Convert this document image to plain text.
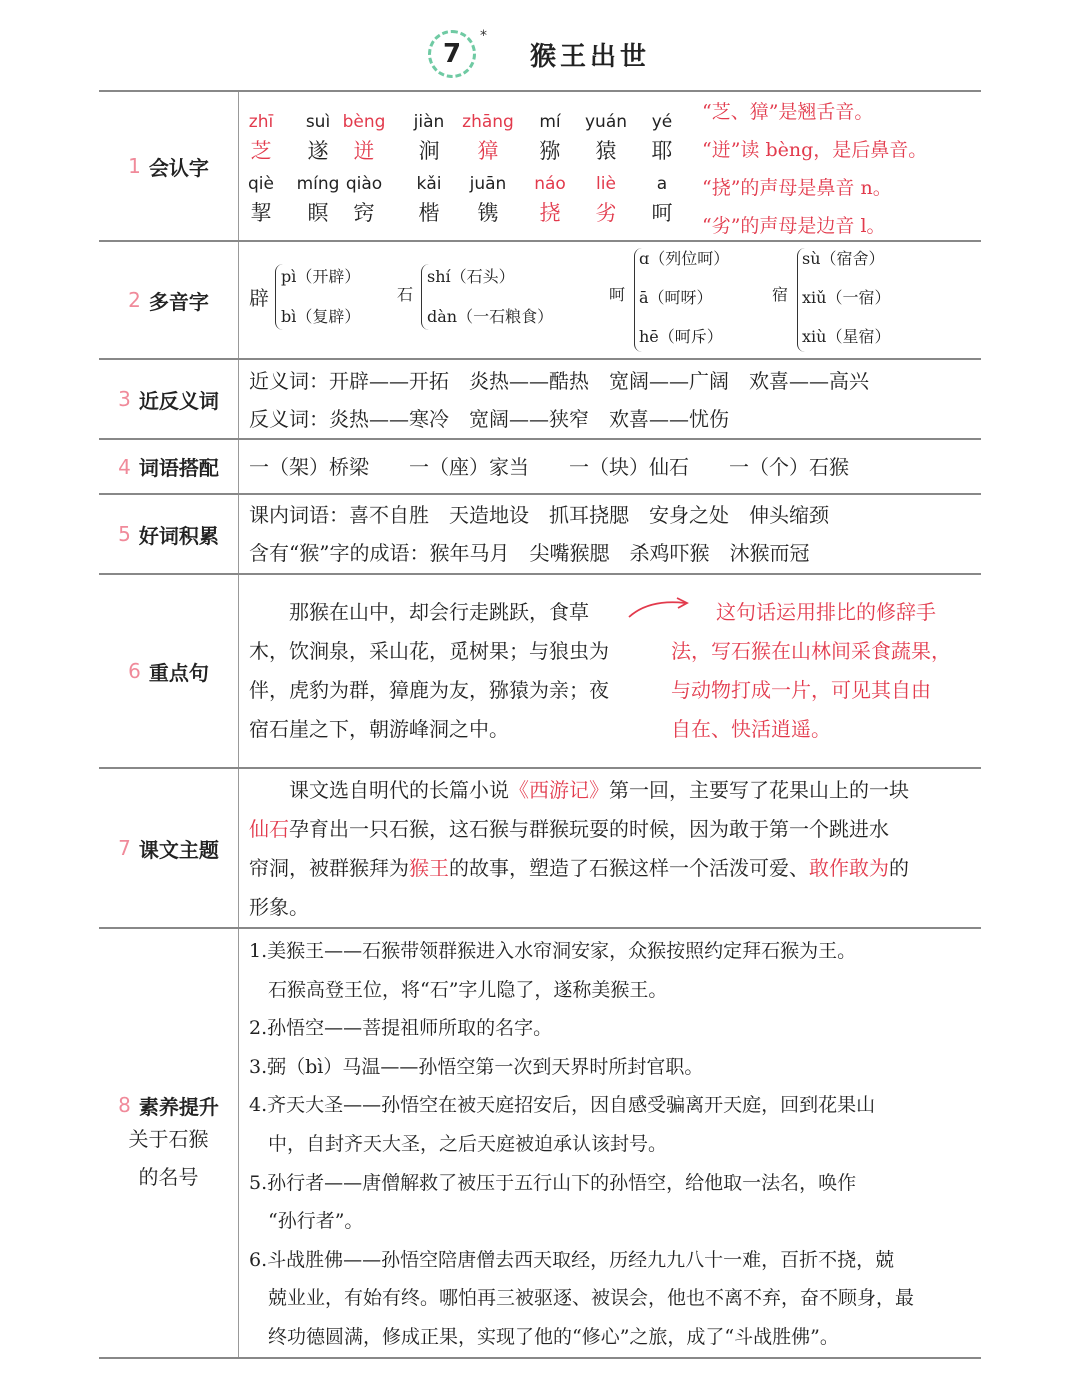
7
*
猴王出世
1 会认字
zhī
芝
suì
遂
bèng
迸
jiàn
涧
zhāng
獐
mí
猕
yuán
猿
yé
耶
qiè
挈
míng
瞑
qiào
窍
kǎi
楷
juān
镌
náo
挠
liè
劣
a
呵
“芝、獐”是翘舌音。
“迸”读 bèng，是后鼻音。
“挠”的声母是鼻音 n。
“劣”的声母是边音 l。
2 多音字 辟
pì（开辟）
bì（复辟）
石
shí（石头）
dàn（一石粮食）
呵
ɑ（列位呵）
ā（呵呀）
hē（呵斥）
宿
sù（宿舍）
xiǔ（一宿）
xiù（星宿）
3 近反义词
近义词：开辟——开拓　炎热——酷热　宽阔——广阔　欢喜——高兴
反义词：炎热——寒冷　宽阔——狭窄　欢喜——忧伤
4 词语搭配 一（架）桥梁　　一（座）家当　　一（块）仙石　　一（个）石猴
5 好词积累
课内词语：喜不自胜　天造地设　抓耳挠腮　安身之处　伸头缩颈
含有“猴”字的成语：猴年马月　尖嘴猴腮　杀鸡吓猴　沐猴而冠
6 重点句
　　那猴在山中，却会行走跳跃，食草
木，饮涧泉，采山花，觅树果；与狼虫为
伴，虎豹为群，獐鹿为友，猕猿为亲；夜
宿石崖之下，朝游峰洞之中。
这句话运用排比的修辞手
法，写石猴在山林间采食蔬果，
与动物打成一片，可见其自由
自在、快活逍遥。
7 课文主题
　　课文选自明代的长篇小说《西游记》第一回，主要写了花果山上的一块
仙石孕育出一只石猴，这石猴与群猴玩耍的时候，因为敢于第一个跳进水
帘洞，被群猴拜为猴王的故事，塑造了石猴这样一个活泼可爱、敢作敢为的
形象。
8 素养提升
关于石猴
的名号
1.美猴王——石猴带领群猴进入水帘洞安家，众猴按照约定拜石猴为王。
　石猴高登王位，将“石”字儿隐了，遂称美猴王。
2.孙悟空——菩提祖师所取的名字。
3.弼（bì）马温——孙悟空第一次到天界时所封官职。
4.齐天大圣——孙悟空在被天庭招安后，因自感受骗离开天庭，回到花果山
　中，自封齐天大圣，之后天庭被迫承认该封号。
5.孙行者——唐僧解救了被压于五行山下的孙悟空，给他取一法名，唤作
　“孙行者”。
6.斗战胜佛——孙悟空陪唐僧去西天取经，历经九九八十一难，百折不挠，兢
　兢业业，有始有终。哪怕再三被驱逐、被误会，他也不离不弃，奋不顾身，最
　终功德圆满，修成正果，实现了他的“修心”之旅，成了“斗战胜佛”。
